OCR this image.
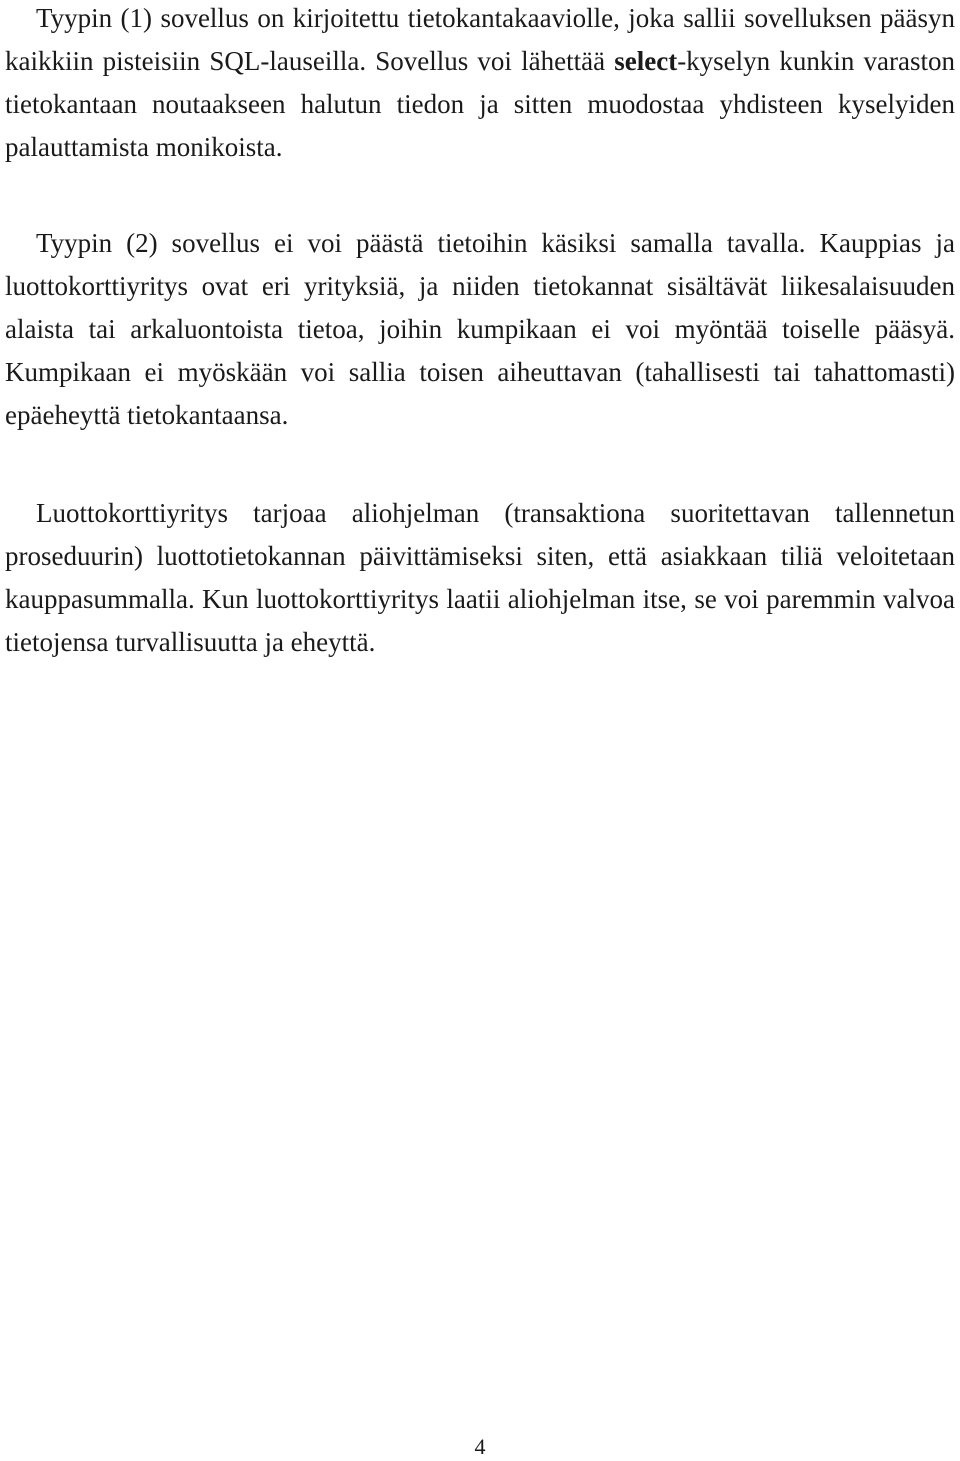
Tyypin (1) sovellus on kirjoitettu tietokantakaaviolle, joka sallii sovelluksen pääsyn kaikkiin pisteisiin SQL-lauseilla. Sovellus voi lähettää select-kyselyn kunkin varaston tietokantaan noutaakseen halutun tiedon ja sitten muodostaa yhdisteen kyselyiden palauttamista monikoista.

Tyypin (2) sovellus ei voi päästä tietoihin käsiksi samalla tavalla. Kauppias ja luottokorttiyritys ovat eri yrityksiä, ja niiden tietokannat sisältävät liikesalaisuuden alaista tai arkaluontoista tietoa, joihin kumpikaan ei voi myöntää toiselle pääsyä. Kumpikaan ei myöskään voi sallia toisen aiheuttavan (tahallisesti tai tahattomasti) epäeheyttä tietokantaansa.

Luottokorttiyritys tarjoaa aliohjelman (transaktiona suoritettavan tallennetun proseduurin) luottotietokannan päivittämiseksi siten, että asiakkaan tiliä veloitetaan kauppasummalla. Kun luottokorttiyritys laatii aliohjelman itse, se voi paremmin valvoa tietojensa turvallisuutta ja eheyttä.

4
